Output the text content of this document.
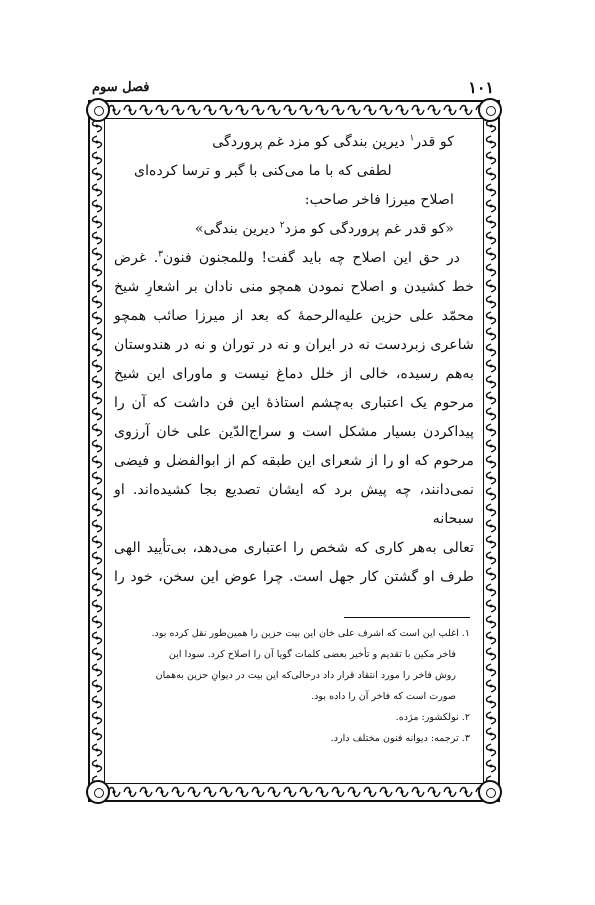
١٠١
فصل سوم
کو قدر$^١$ دیرین بندگی کو مزد غم پروردگی
لطفی که با ما می‌کنی با گبر و ترسا کرده‌ای
اصلاح میرزا فاخر صاحب:
«کو قدر غم پروردگی کو مزد$^٢$ دیرین بندگی»
در حق این اصلاح چه باید گفت! وللمجنون فنون$^٣$. غرض
خط کشیدن و اصلاح نمودن همچو منی نادان بر اشعارِ شیخ
محمّد علی حزین علیه‌الرحمهٔ که بعد از میرزا صائب همچو
شاعری زبردست نه در ایران و نه در توران و نه در هندوستان
به‌هم رسیده، خالی از خلل دماغ نیست و ماورای این شیخ
مرحوم یک اعتباری به‌چشم استاذهٔ این فن داشت که آن را
پیداکردن بسیار مشکل است و سراج‌الدّین علی خان آرزوی
مرحوم که او را از شعرای این طبقه کم از ابوالفضل و فیضی
نمی‌دانند، چه پیش برد که ایشان تصدیع بجا کشیده‌اند. او سبحانه
تعالی به‌هر کاری که شخص را اعتباری می‌دهد، بی‌تأیید الهی
طرف او گشتن کار جهل است. چرا عوض این سخن، خود را
١. اغلب این است که اشرف علی خان این بیت حزین را همین‌طور نقل کرده بود.
فاخر مکین با تقدیم و تأخیر بعضی کلمات گویا آن را اصلاح کرد. سودا این
روش فاخر را مورد انتقاد قرار داد درحالی‌که این بیت در دیوانِ حزین به‌همان
صورت است که فاخر آن را داده بود.
٢. نولکشور: مژده.
٣. ترجمه: دیوانه فنون مختلف دارد.
